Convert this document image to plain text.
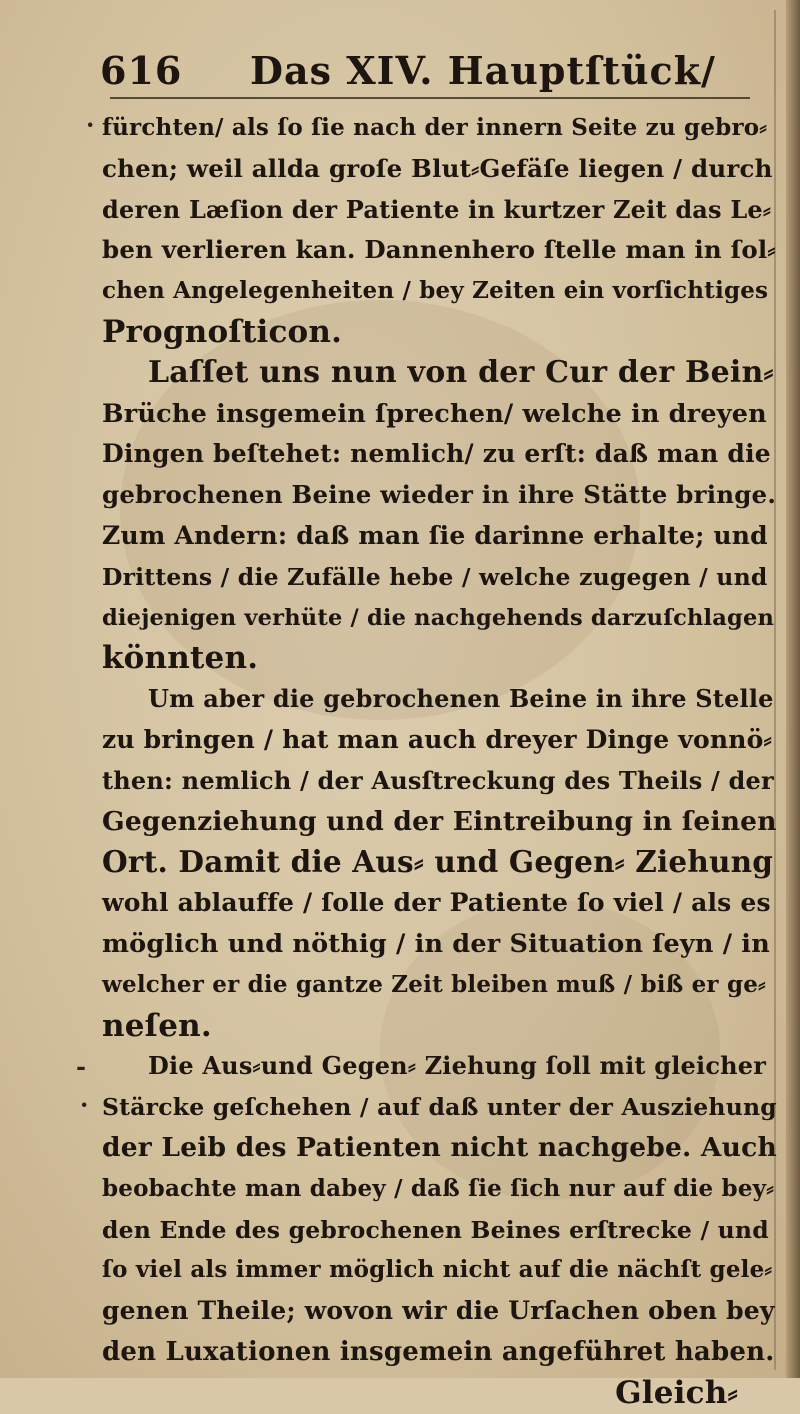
616 Das XIV. Hauptſtück/
·
-
·
fürchten/ als ſo ſie nach der innern Seite zu gebro⸗
chen; weil allda groſe Blut⸗Gefäſe liegen / durch
deren Læſion der Patiente in kurtzer Zeit das Le⸗
ben verlieren kan. Dannenhero ſtelle man in ſol⸗
chen Angelegenheiten / bey Zeiten ein vorſichtiges
Prognoſticon.
Laſſet uns nun von der Cur der Bein⸗
Brüche insgemein ſprechen/ welche in dreyen
Dingen beſtehet: nemlich/ zu erſt: daß man die
gebrochenen Beine wieder in ihre Stätte bringe.
Zum Andern: daß man ſie darinne erhalte; und
Drittens / die Zufälle hebe / welche zugegen / und
diejenigen verhüte / die nachgehends darzuſchlagen
könnten.
Um aber die gebrochenen Beine in ihre Stelle
zu bringen / hat man auch dreyer Dinge vonnö⸗
then: nemlich / der Ausſtreckung des Theils / der
Gegenziehung und der Eintreibung in ſeinen
Ort. Damit die Aus⸗ und Gegen⸗ Ziehung
wohl ablauffe / ſolle der Patiente ſo viel / als es
möglich und nöthig / in der Situation ſeyn / in
welcher er die gantze Zeit bleiben muß / biß er ge⸗
neſen.
Die Aus⸗und Gegen⸗ Ziehung ſoll mit gleicher
Stärcke geſchehen / auf daß unter der Ausziehung
der Leib des Patienten nicht nachgebe. Auch
beobachte man dabey / daß ſie ſich nur auf die bey⸗
den Ende des gebrochenen Beines erſtrecke / und
ſo viel als immer möglich nicht auf die nächſt gele⸗
genen Theile; wovon wir die Urſachen oben bey
den Luxationen insgemein angeführet haben.
Gleich⸗
